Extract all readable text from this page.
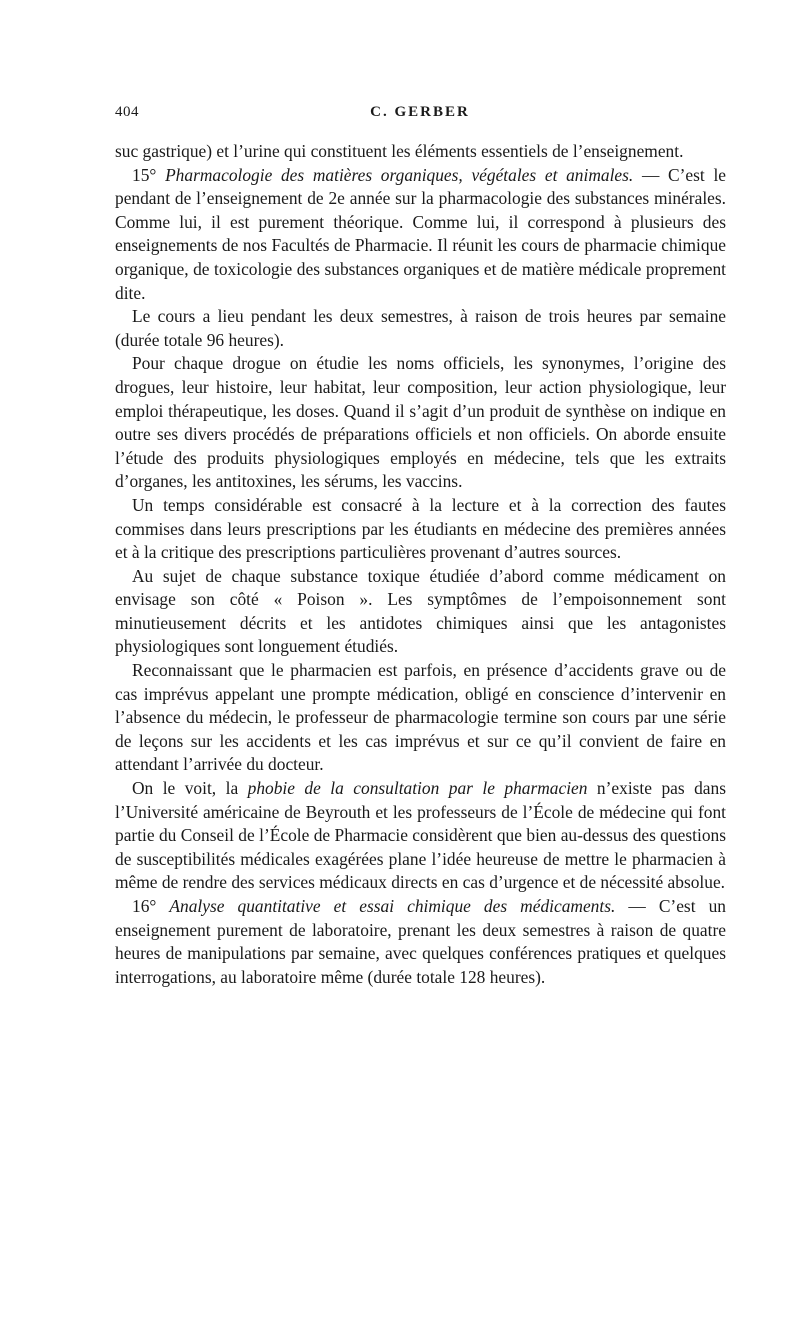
404	C. GERBER

suc gastrique) et l’urine qui constituent les éléments essentiels de l’enseignement.

15° Pharmacologie des matières organiques, végétales et animales. — C’est le pendant de l’enseignement de 2e année sur la pharmacologie des substances minérales. Comme lui, il est purement théorique. Comme lui, il correspond à plusieurs des enseignements de nos Facultés de Pharmacie. Il réunit les cours de pharmacie chimique organique, de toxicologie des substances organiques et de matière médicale proprement dite.

Le cours a lieu pendant les deux semestres, à raison de trois heures par semaine (durée totale 96 heures).

Pour chaque drogue on étudie les noms officiels, les synonymes, l’origine des drogues, leur histoire, leur habitat, leur composition, leur action physiologique, leur emploi thérapeutique, les doses. Quand il s’agit d’un produit de synthèse on indique en outre ses divers procédés de préparations officiels et non officiels. On aborde ensuite l’étude des produits physiologiques employés en médecine, tels que les extraits d’organes, les antitoxines, les sérums, les vaccins.

Un temps considérable est consacré à la lecture et à la correction des fautes commises dans leurs prescriptions par les étudiants en médecine des premières années et à la critique des prescriptions particulières provenant d’autres sources.

Au sujet de chaque substance toxique étudiée d’abord comme médicament on envisage son côté « Poison ». Les symptômes de l’empoisonnement sont minutieusement décrits et les antidotes chimiques ainsi que les antagonistes physiologiques sont longuement étudiés.

Reconnaissant que le pharmacien est parfois, en présence d’accidents grave ou de cas imprévus appelant une prompte médication, obligé en conscience d’intervenir en l’absence du médecin, le professeur de pharmacologie termine son cours par une série de leçons sur les accidents et les cas imprévus et sur ce qu’il convient de faire en attendant l’arrivée du docteur.

On le voit, la phobie de la consultation par le pharmacien n’existe pas dans l’Université américaine de Beyrouth et les professeurs de l’École de médecine qui font partie du Conseil de l’École de Pharmacie considèrent que bien au-dessus des questions de susceptibilités médicales exagérées plane l’idée heureuse de mettre le pharmacien à même de rendre des services médicaux directs en cas d’urgence et de nécessité absolue.

16° Analyse quantitative et essai chimique des médicaments. — C’est un enseignement purement de laboratoire, prenant les deux semestres à raison de quatre heures de manipulations par semaine, avec quelques conférences pratiques et quelques interrogations, au laboratoire même (durée totale 128 heures).
